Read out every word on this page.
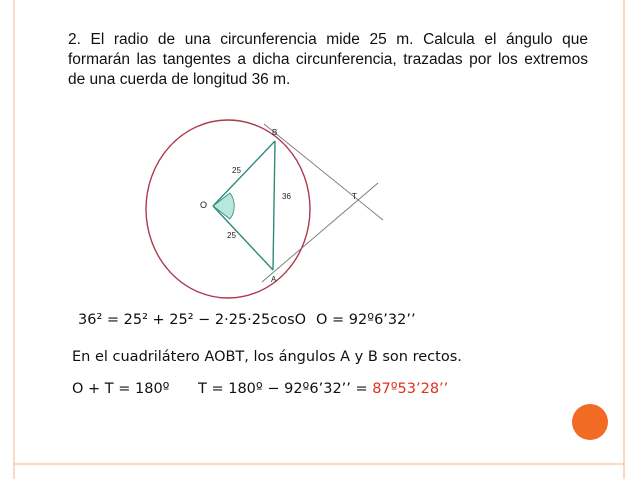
2. El radio de una circunferencia mide 25 m. Calcula el ángulo que formarán las tangentes a dicha circunferencia, trazadas por los extremos de una cuerda de longitud 36 m.
B
A
O
T
25
25
36
36² = 25² + 25² − 2·25·25cosO O = 92º6’32’’
En el cuadrilátero AOBT, los ángulos A y B son rectos.
O + T = 180º T = 180º − 92º6’32’’ = 87º53’28’’
